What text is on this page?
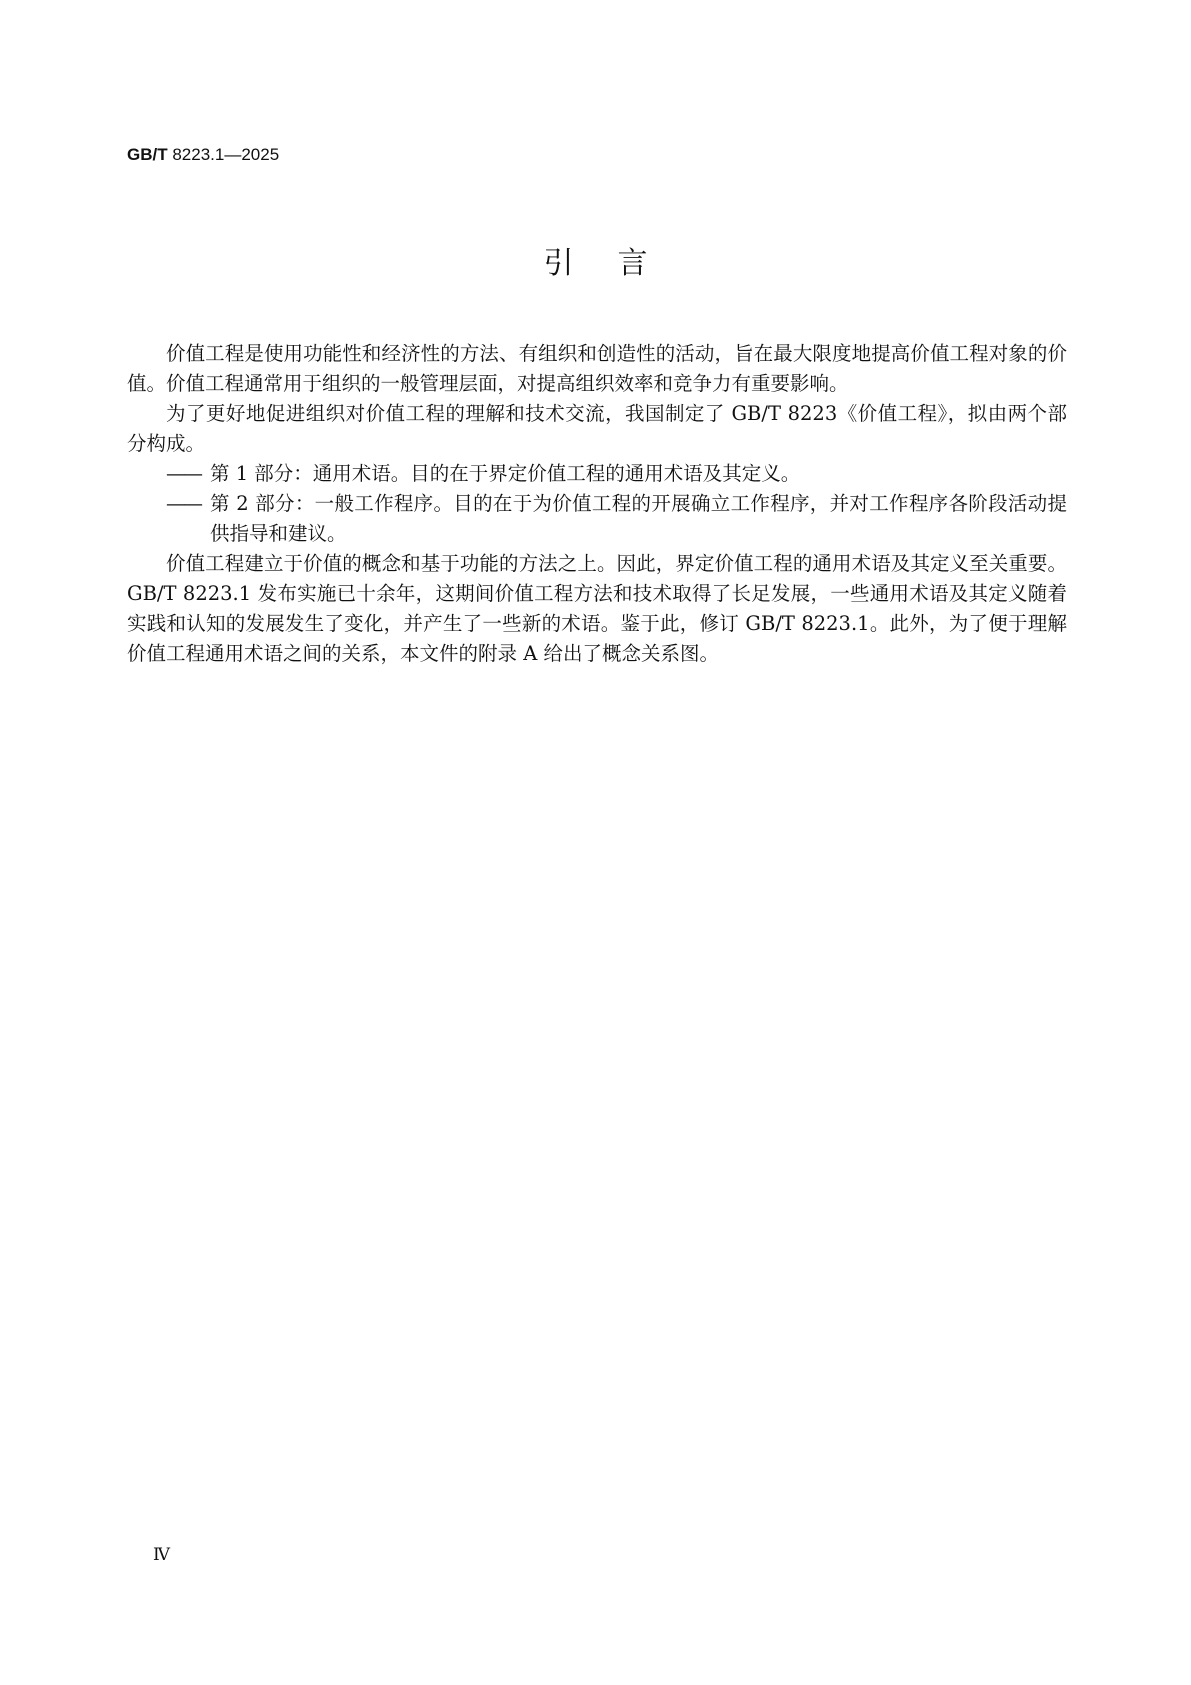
GB/T 8223.1—2025
引言

价值工程是使用功能性和经济性的方法、有组织和创造性的活动，旨在最大限度地提高价值工程对象的价值。价值工程通常用于组织的一般管理层面，对提高组织效率和竞争力有重要影响。

为了更好地促进组织对价值工程的理解和技术交流，我国制定了 GB/T 8223《价值工程》，拟由两个部分构成。

—— 第 1 部分：通用术语。目的在于界定价值工程的通用术语及其定义。
—— 第 2 部分：一般工作程序。目的在于为价值工程的开展确立工作程序，并对工作程序各阶段活动提供指导和建议。

价值工程建立于价值的概念和基于功能的方法之上。因此，界定价值工程的通用术语及其定义至关重要。GB/T 8223.1 发布实施已十余年，这期间价值工程方法和技术取得了长足发展，一些通用术语及其定义随着实践和认知的发展发生了变化，并产生了一些新的术语。鉴于此，修订 GB/T 8223.1。此外，为了便于理解价值工程通用术语之间的关系，本文件的附录 A 给出了概念关系图。

Ⅳ
